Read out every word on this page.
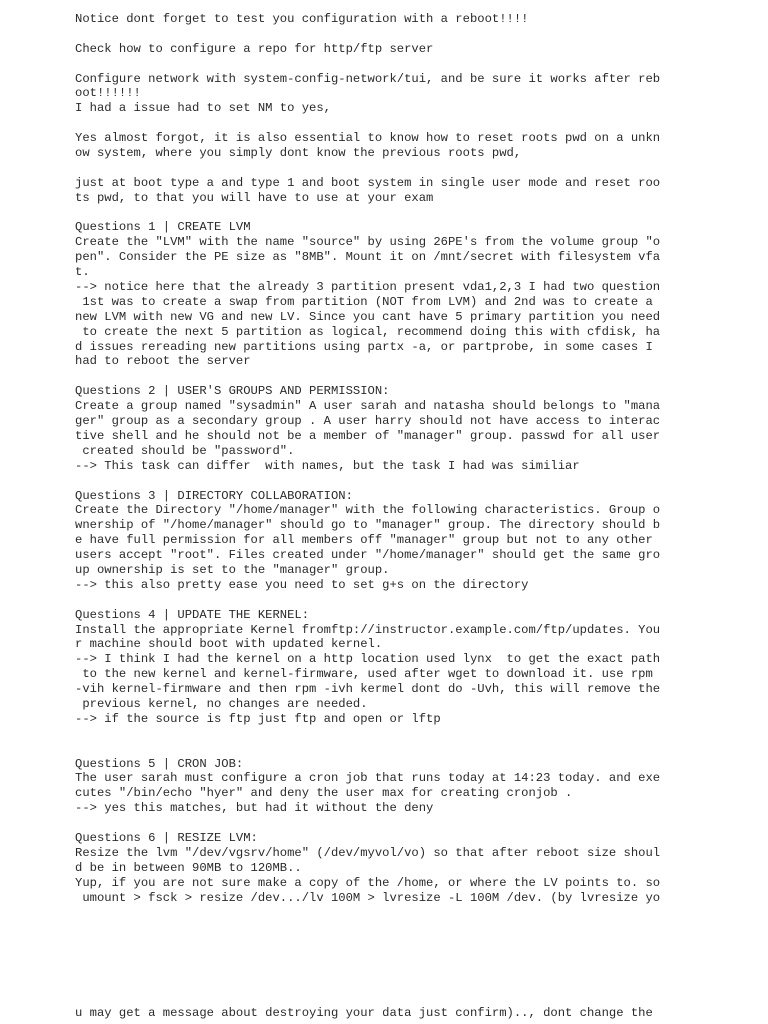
Notice dont forget to test you configuration with a reboot!!!!
Check how to configure a repo for http/ftp server
Configure network with system-config-network/tui, and be sure it works after reb
oot!!!!!!
I had a issue had to set NM to yes,
Yes almost forgot, it is also essential to know how to reset roots pwd on a unkn
ow system, where you simply dont know the previous roots pwd,
just at boot type a and type 1 and boot system in single user mode and reset roo
ts pwd, to that you will have to use at your exam
Questions 1 | CREATE LVM
Create the "LVM" with the name "source" by using 26PE's from the volume group "o
pen". Consider the PE size as "8MB". Mount it on /mnt/secret with filesystem vfa
t.
--> notice here that the already 3 partition present vda1,2,3 I had two question
1st was to create a swap from partition (NOT from LVM) and 2nd was to create a
new LVM with new VG and new LV. Since you cant have 5 primary partition you need
to create the next 5 partition as logical, recommend doing this with cfdisk, ha
d issues rereading new partitions using partx -a, or partprobe, in some cases I
had to reboot the server
Questions 2 | USER'S GROUPS AND PERMISSION:
Create a group named "sysadmin" A user sarah and natasha should belongs to "mana
ger" group as a secondary group . A user harry should not have access to interac
tive shell and he should not be a member of "manager" group. passwd for all user
created should be "password".
--> This task can differ  with names, but the task I had was similiar
Questions 3 | DIRECTORY COLLABORATION:
Create the Directory "/home/manager" with the following characteristics. Group o
wnership of "/home/manager" should go to "manager" group. The directory should b
e have full permission for all members off "manager" group but not to any other
users accept "root". Files created under "/home/manager" should get the same gro
up ownership is set to the "manager" group.
--> this also pretty ease you need to set g+s on the directory
Questions 4 | UPDATE THE KERNEL:
Install the appropriate Kernel fromftp://instructor.example.com/ftp/updates. You
r machine should boot with updated kernel.
--> I think I had the kernel on a http location used lynx  to get the exact path
to the new kernel and kernel-firmware, used after wget to download it. use rpm
-vih kernel-firmware and then rpm -ivh kermel dont do -Uvh, this will remove the
previous kernel, no changes are needed.
--> if the source is ftp just ftp and open or lftp
Questions 5 | CRON JOB:
The user sarah must configure a cron job that runs today at 14:23 today. and exe
cutes "/bin/echo "hyer" and deny the user max for creating cronjob .
--> yes this matches, but had it without the deny
Questions 6 | RESIZE LVM:
Resize the lvm "/dev/vgsrv/home" (/dev/myvol/vo) so that after reboot size shoul
d be in between 90MB to 120MB..
Yup, if you are not sure make a copy of the /home, or where the LV points to. so
umount > fsck > resize /dev.../lv 100M > lvresize -L 100M /dev. (by lvresize yo
u may get a message about destroying your data just confirm).., dont change the
